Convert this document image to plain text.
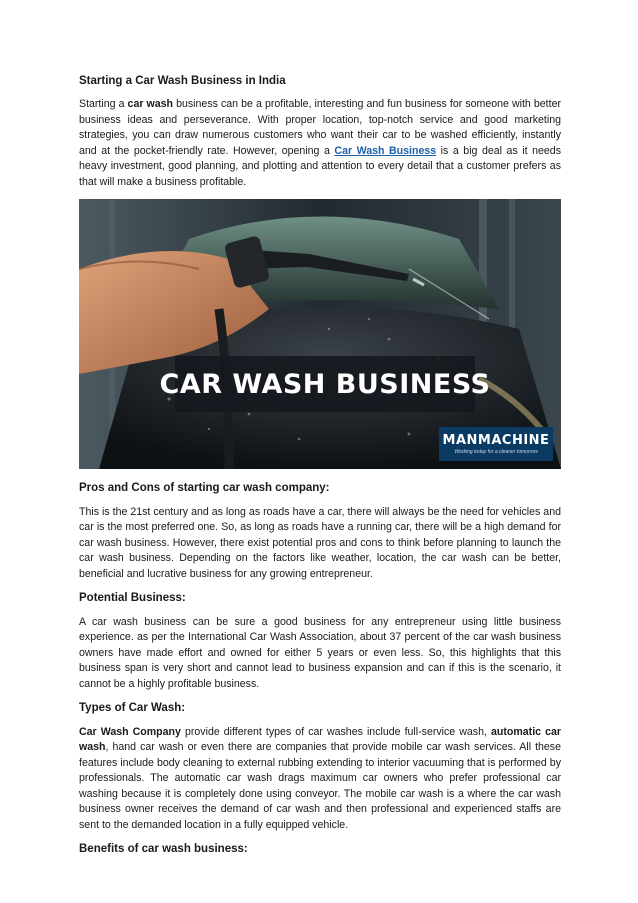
Starting a Car Wash Business in India

Starting a car wash business can be a profitable, interesting and fun business for someone with better business ideas and perseverance. With proper location, top-notch service and good marketing strategies, you can draw numerous customers who want their car to be washed efficiently, instantly and at the pocket-friendly rate. However, opening a Car Wash Business is a big deal as it needs heavy investment, good planning, and plotting and attention to every detail that a customer prefers as that will make a business profitable.

CAR WASH BUSINESS
MANMACHINE
Working today for a cleaner tomorrow
Pros and Cons of starting car wash company:

This is the 21st century and as long as roads have a car, there will always be the need for vehicles and car is the most preferred one. So, as long as roads have a running car, there will be a high demand for car wash business. However, there exist potential pros and cons to think before planning to launch the car wash business. Depending on the factors like weather, location, the car wash can be better, beneficial and lucrative business for any growing entrepreneur.

Potential Business:

A car wash business can be sure a good business for any entrepreneur using little business experience. as per the International Car Wash Association, about 37 percent of the car wash business owners have made effort and owned for either 5 years or even less. So, this highlights that this business span is very short and cannot lead to business expansion and can if this is the scenario, it cannot be a highly profitable business.

Types of Car Wash:

Car Wash Company provide different types of car washes include full-service wash, automatic car wash, hand car wash or even there are companies that provide mobile car wash services. All these features include body cleaning to external rubbing extending to interior vacuuming that is performed by professionals. The automatic car wash drags maximum car owners who prefer professional car washing because it is completely done using conveyor. The mobile car wash is a where the car wash business owner receives the demand of car wash and then professional and experienced staffs are sent to the demanded location in a fully equipped vehicle.

Benefits of car wash business:
